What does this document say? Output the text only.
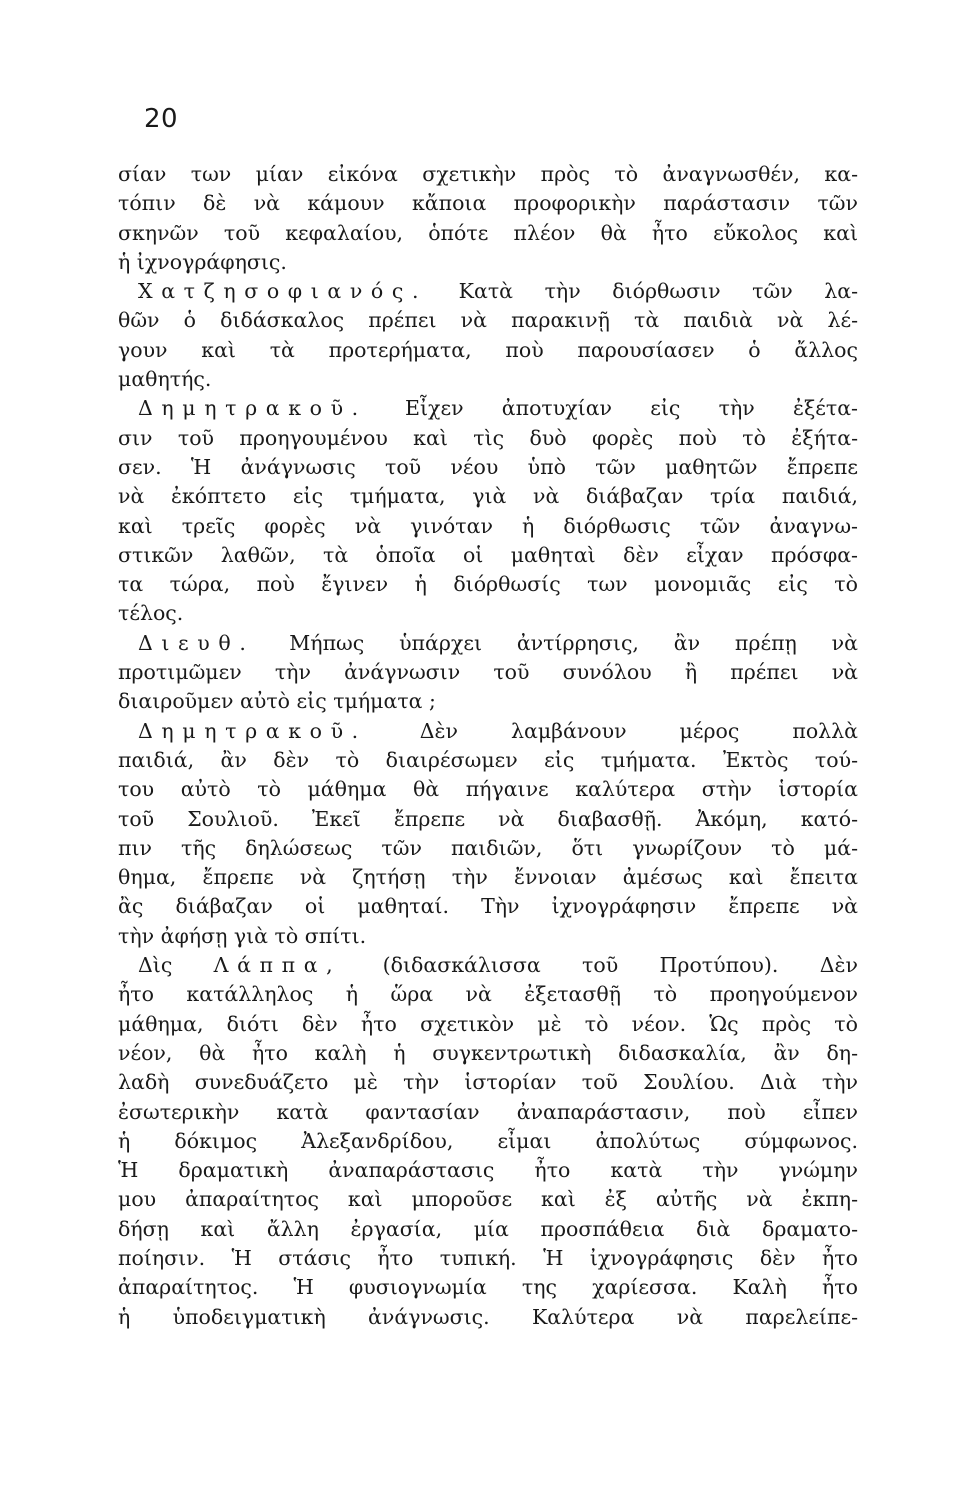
20
σίαν των μίαν εἰκόνα σχετικὴν πρὸς τὸ ἀναγνωσθέν, κα-
τόπιν δὲ νὰ κάμουν κἄποια προφορικὴν παράστασιν τῶν
σκηνῶν τοῦ κεφαλαίου, ὁπότε πλέον θὰ ἦτο εὔκολος καὶ
ἡ ἰχνογράφησις.
Χατζησοφιανός. Κατὰ τὴν διόρθωσιν τῶν λα-
θῶν ὁ διδάσκαλος πρέπει νὰ παρακινῇ τὰ παιδιὰ νὰ λέ-
γουν καὶ τὰ προτερήματα, ποὺ παρουσίασεν ὁ ἄλλος
μαθητής.
Δημητρακοῦ. Εἶχεν ἀποτυχίαν εἰς τὴν ἐξέτα-
σιν τοῦ προηγουμένου καὶ τὶς δυὸ φορὲς ποὺ τὸ ἐξήτα-
σεν. Ἡ ἀνάγνωσις τοῦ νέου ὑπὸ τῶν μαθητῶν ἔπρεπε
νὰ ἐκόπτετο εἰς τμήματα, γιὰ νὰ διάβαζαν τρία παιδιά,
καὶ τρεῖς φορὲς νὰ γινόταν ἡ διόρθωσις τῶν ἀναγνω-
στικῶν λαθῶν, τὰ ὁποῖα οἱ μαθηταὶ δὲν εἶχαν πρόσφα-
τα τώρα, ποὺ ἔγινεν ἡ διόρθωσίς των μονομιᾶς εἰς τὸ
τέλος.
Διευθ. Μήπως ὑπάρχει ἀντίρρησις, ἂν πρέπῃ νὰ
προτιμῶμεν τὴν ἀνάγνωσιν τοῦ συνόλου ἢ πρέπει νὰ
διαιροῦμεν αὐτὸ εἰς τμήματα ;
Δημητρακοῦ. Δὲν λαμβάνουν μέρος πολλὰ
παιδιά, ἂν δὲν τὸ διαιρέσωμεν εἰς τμήματα. Ἐκτὸς τού-
του αὐτὸ τὸ μάθημα θὰ πήγαινε καλύτερα στὴν ἱστορία
τοῦ Σουλιοῦ. Ἐκεῖ ἔπρεπε νὰ διαβασθῇ. Ἀκόμη, κατό-
πιν τῆς δηλώσεως τῶν παιδιῶν, ὅτι γνωρίζουν τὸ μά-
θημα, ἔπρεπε νὰ ζητήσῃ τὴν ἔννοιαν ἀμέσως καὶ ἔπειτα
ἂς διάβαζαν οἱ μαθηταί. Τὴν ἰχνογράφησιν ἔπρεπε νὰ
τὴν ἀφήσῃ γιὰ τὸ σπίτι.
Δὶς Λάππα, (διδασκάλισσα τοῦ Προτύπου). Δὲν
ἦτο κατάλληλος ἡ ὥρα νὰ ἐξετασθῇ τὸ προηγούμενον
μάθημα, διότι δὲν ἦτο σχετικὸν μὲ τὸ νέον. Ὡς πρὸς τὸ
νέον, θὰ ἦτο καλὴ ἡ συγκεντρωτικὴ διδασκαλία, ἂν δη-
λαδὴ συνεδυάζετο μὲ τὴν ἱστορίαν τοῦ Σουλίου. Διὰ τὴν
ἐσωτερικὴν κατὰ φαντασίαν ἀναπαράστασιν, ποὺ εἶπεν
ἡ δόκιμος Ἀλεξανδρίδου, εἶμαι ἀπολύτως σύμφωνος.
Ἡ δραματικὴ ἀναπαράστασις ἦτο κατὰ τὴν γνώμην
μου ἀπαραίτητος καὶ μποροῦσε καὶ ἐξ αὐτῆς νὰ ἐκπη-
δήσῃ καὶ ἄλλη ἐργασία, μία προσπάθεια διὰ δραματο-
ποίησιν. Ἡ στάσις ἦτο τυπική. Ἡ ἰχνογράφησις δὲν ἦτο
ἀπαραίτητος. Ἡ φυσιογνωμία της χαρίεσσα. Καλὴ ἦτο
ἡ ὑποδειγματικὴ ἀνάγνωσις. Καλύτερα νὰ παρελείπε-
